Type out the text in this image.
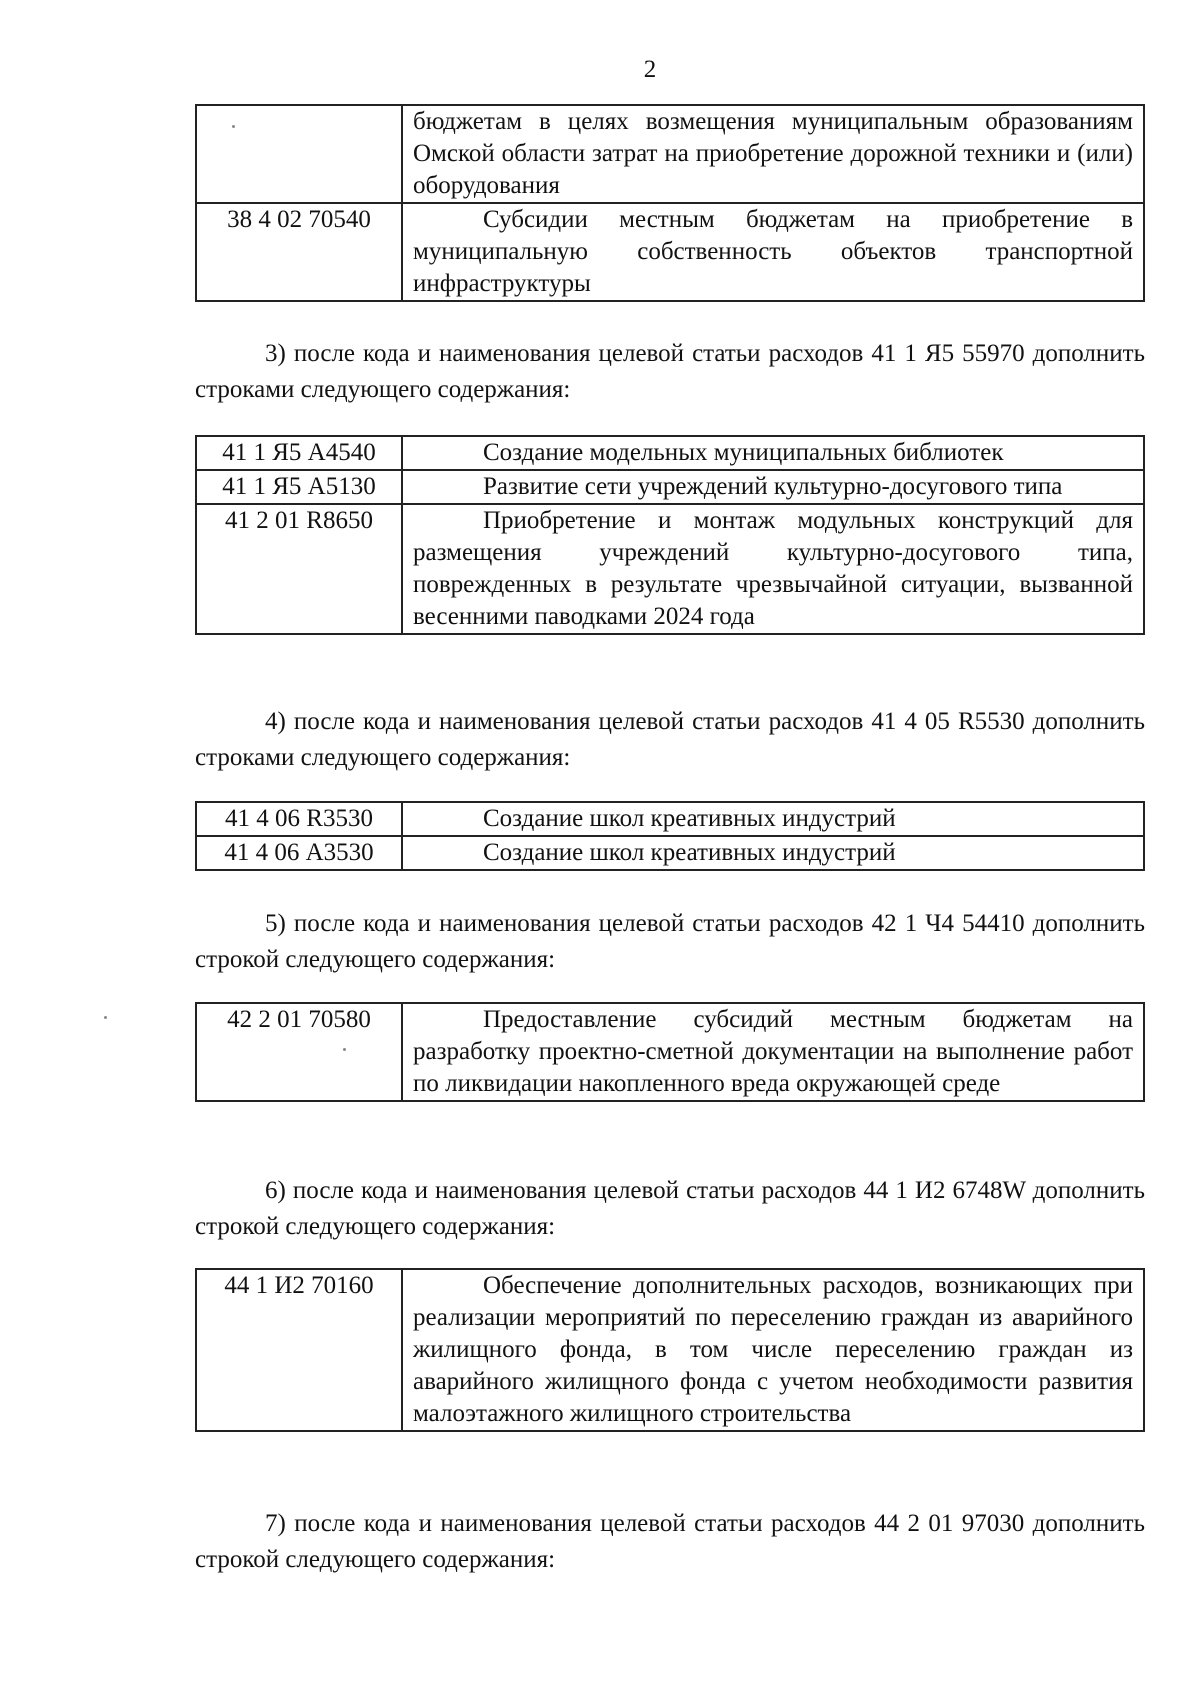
2
	бюджетам в целях возмещения муниципальным образованиям Омской области затрат на приобретение дорожной техники и (или) оборудования
38 4 02 70540	Субсидии местным бюджетам на приобретение в муниципальную собственность объектов транспортной инфраструктуры

3) после кода и наименования целевой статьи расходов 41 1 Я5 55970 дополнить строками следующего содержания:

41 1 Я5 А4540	Создание модельных муниципальных библиотек
41 1 Я5 А5130	Развитие сети учреждений культурно-досугового типа
41 2 01 R8650	Приобретение и монтаж модульных конструкций для размещения учреждений культурно-досугового типа, поврежденных в результате чрезвычайной ситуации, вызванной весенними паводками 2024 года

4) после кода и наименования целевой статьи расходов 41 4 05 R5530 дополнить строками следующего содержания:

41 4 06 R3530	Создание школ креативных индустрий
41 4 06 А3530	Создание школ креативных индустрий

5) после кода и наименования целевой статьи расходов 42 1 Ч4 54410 дополнить строкой следующего содержания:

42 2 01 70580	Предоставление субсидий местным бюджетам на разработку проектно-сметной документации на выполнение работ по ликвидации накопленного вреда окружающей среде

6) после кода и наименования целевой статьи расходов 44 1 И2 6748W дополнить строкой следующего содержания:

44 1 И2 70160	Обеспечение дополнительных расходов, возникающих при реализации мероприятий по переселению граждан из аварийного жилищного фонда, в том числе переселению граждан из аварийного жилищного фонда с учетом необходимости развития малоэтажного жилищного строительства

7) после кода и наименования целевой статьи расходов 44 2 01 97030 дополнить строкой следующего содержания:
